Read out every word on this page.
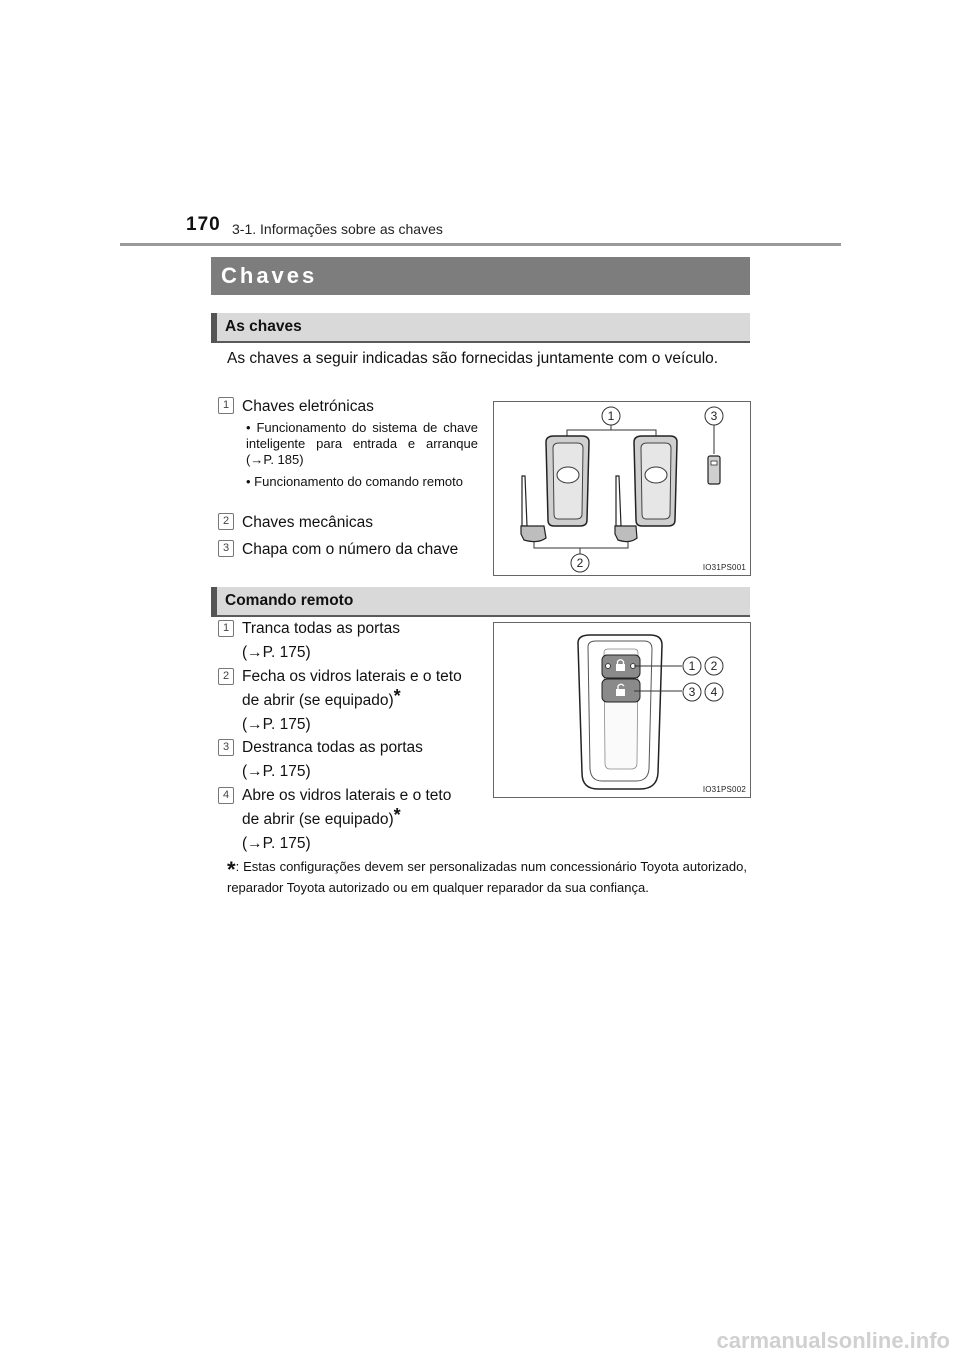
170 3-1. Informações sobre as chaves
Chaves
As chaves
As chaves a seguir indicadas são fornecidas juntamente com o veículo.
1 Chaves eletrónicas
• Funcionamento do sistema de chave inteligente para entrada e arranque (→P. 185)
• Funcionamento do comando remoto
2 Chaves mecânicas
3 Chapa com o número da chave
1
2
3
IO31PS001
Comando remoto
1 Tranca todas as portas
(→P. 175)
2 Fecha os vidros laterais e o teto
de abrir (se equipado)*
(→P. 175)
3 Destranca todas as portas
(→P. 175)
4 Abre os vidros laterais e o teto
de abrir (se equipado)*
(→P. 175)
1 2
3 4
IO31PS002
*: Estas configurações devem ser personalizadas num concessionário Toyota autorizado, reparador Toyota autorizado ou em qualquer reparador da sua confiança.
carmanualsonline.info
